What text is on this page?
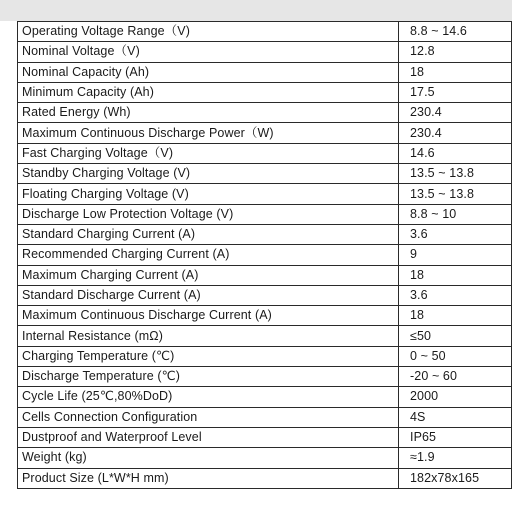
Operating Voltage Range（V)	8.8 ~ 14.6
Nominal Voltage（V)	12.8
Nominal Capacity (Ah)	18
Minimum Capacity (Ah)	17.5
Rated Energy (Wh)	230.4
Maximum Continuous Discharge Power（W)	230.4
Fast Charging Voltage（V)	14.6
Standby Charging Voltage (V)	13.5 ~ 13.8
Floating Charging Voltage (V)	13.5 ~ 13.8
Discharge Low Protection Voltage (V)	8.8 ~ 10
Standard Charging Current (A)	3.6
Recommended Charging Current (A)	9
Maximum Charging Current (A)	18
Standard Discharge Current (A)	3.6
Maximum Continuous Discharge Current (A)	18
Internal Resistance (mΩ)	≤50
Charging Temperature (℃)	0 ~ 50
Discharge Temperature (℃)	-20 ~ 60
Cycle Life (25℃,80%DoD)	2000
Cells Connection Configuration	4S
Dustproof and Waterproof Level	IP65
Weight (kg)	≈1.9
Product Size (L*W*H mm)	182x78x165
